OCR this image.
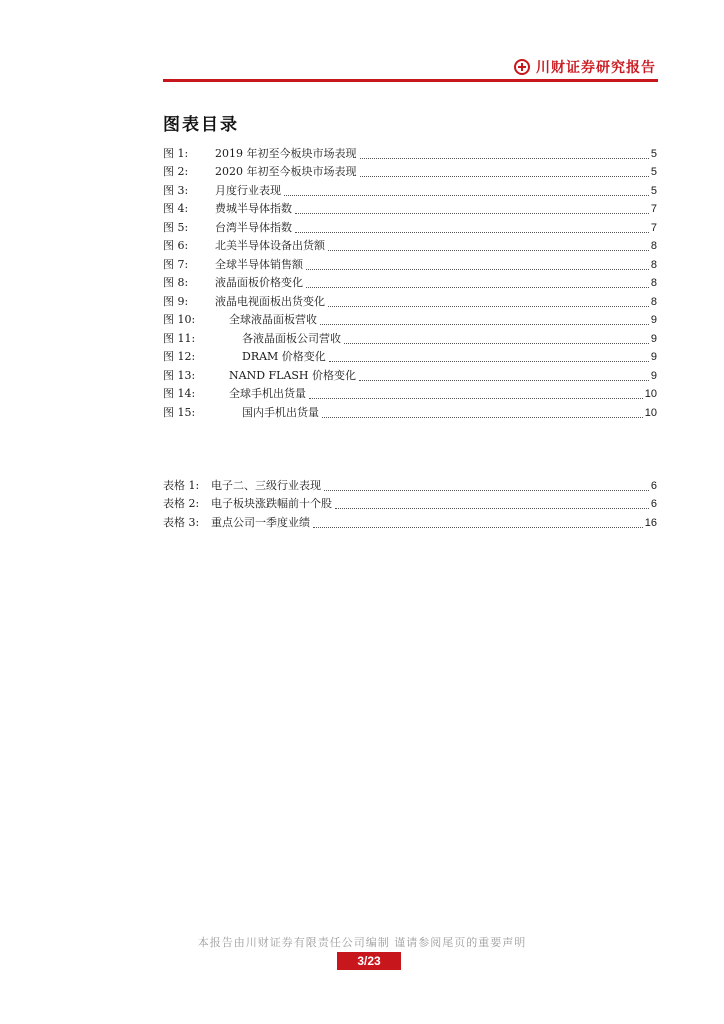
川财证券研究报告
图表目录
图 1:	2019 年初至今板块市场表现	5
图 2:	2020 年初至今板块市场表现	5
图 3:	月度行业表现	5
图 4:	费城半导体指数	7
图 5:	台湾半导体指数	7
图 6:	北美半导体设备出货额	8
图 7:	全球半导体销售额	8
图 8:	液晶面板价格变化	8
图 9:	液晶电视面板出货变化	8
图 10:	全球液晶面板营收	9
图 11:	各液晶面板公司营收	9
图 12:	DRAM 价格变化	9
图 13:	NAND FLASH 价格变化	9
图 14:	全球手机出货量	10
图 15:	国内手机出货量	10
表格 1:	电子二、三级行业表现	6
表格 2:	电子板块涨跌幅前十个股	6
表格 3:	重点公司一季度业绩	16
本报告由川财证券有限责任公司编制 谨请参阅尾页的重要声明
3/23
